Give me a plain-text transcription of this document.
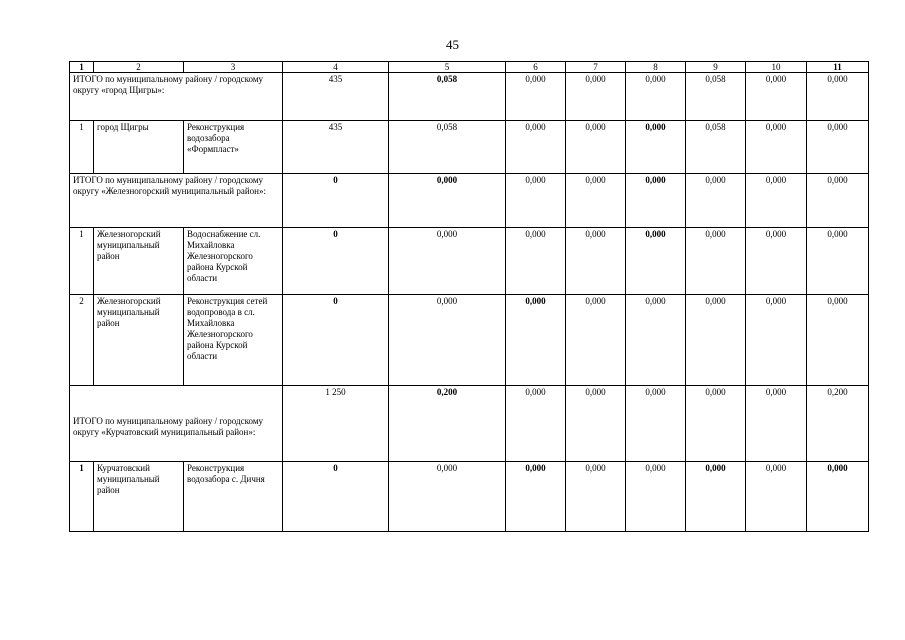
45
1	2	3	4	5	6	7	8	9	10	11
ИТОГО по муниципальному району / городскому округу «город Щигры»:			435	0,058	0,000	0,000	0,000	0,058	0,000	0,000
1	город Щигры	Реконструкция водозабора «Формпласт»	435	0,058	0,000	0,000	0,000	0,058	0,000	0,000
ИТОГО по муниципальному району / городскому округу «Железногорский муниципальный район»:			0	0,000	0,000	0,000	0,000	0,000	0,000	0,000
1	Железногорский муниципальный район	Водоснабжение сл. Михайловка Железногорского района Курской области	0	0,000	0,000	0,000	0,000	0,000	0,000	0,000
2	Железногорский муниципальный район	Реконструкция сетей водопровода в сл. Михайловка Железногорского района Курской области	0	0,000	0,000	0,000	0,000	0,000	0,000	0,000
ИТОГО по муниципальному району / городскому округу «Курчатовский муниципальный район»:			1 250	0,200	0,000	0,000	0,000	0,000	0,000	0,200
1	Курчатовский муниципальный район	Реконструкция водозабора с. Дичня	0	0,000	0,000	0,000	0,000	0,000	0,000	0,000
